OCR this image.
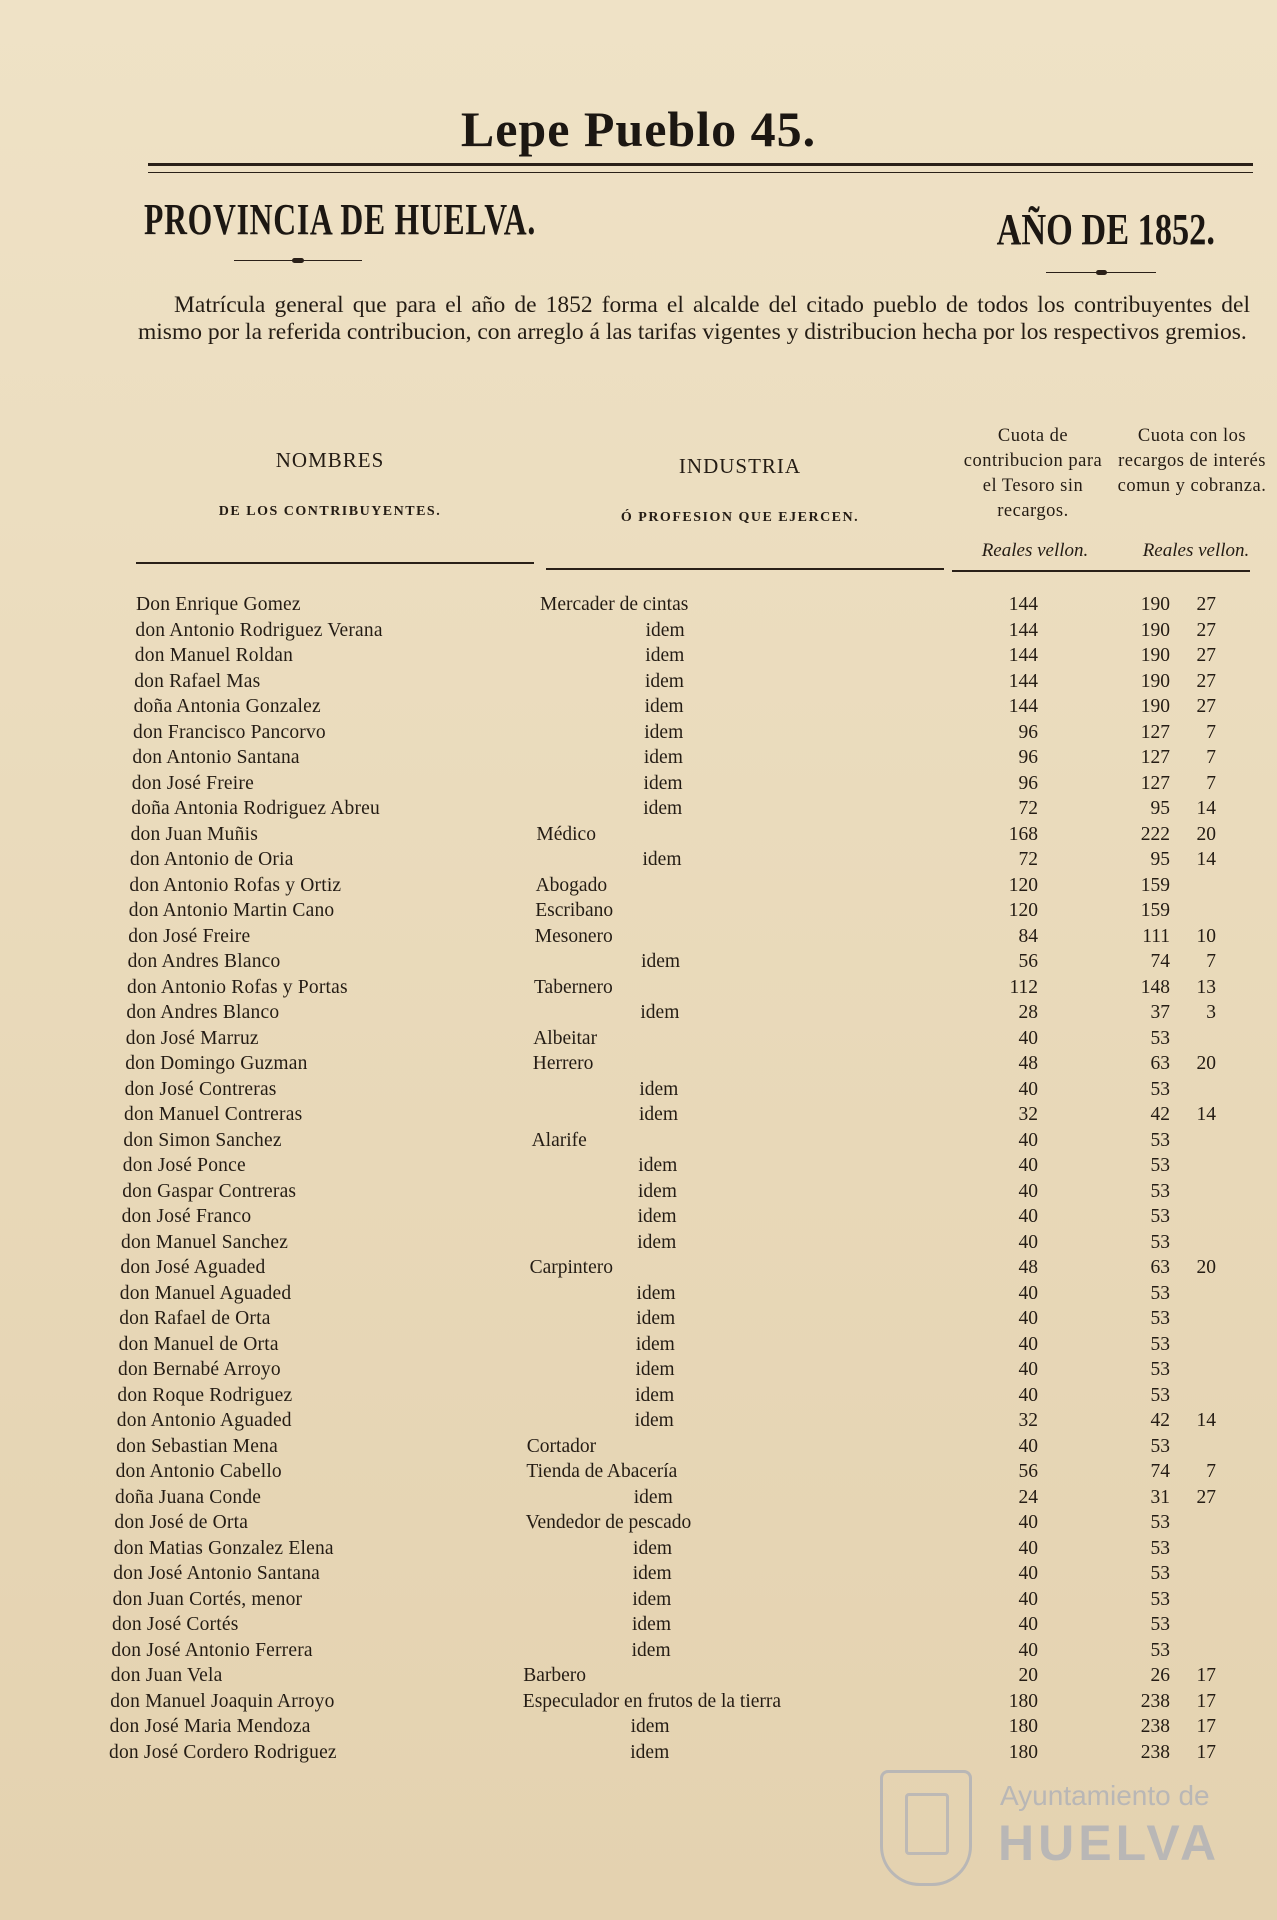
Lepe Pueblo 45.
PROVINCIA DE HUELVA.	AÑO DE 1852.
Matrícula general que para el año de 1852 forma el alcalde del citado pueblo de todos los contribuyentes del mismo por la referida contribucion, con arreglo á las tarifas vigentes y distribucion hecha por los respectivos gremios.
NOMBRES
DE LOS CONTRIBUYENTES.
INDUSTRIA
Ó PROFESION QUE EJERCEN.
Cuota de contribucion para el Tesoro sin recargos.
Cuota con los recargos de interés comun y cobranza.
Reales vellon.	Reales vellon.
Don Enrique Gomez	Mercader de cintas	144	190	27
don Antonio Rodriguez Verana	idem	144	190	27
don Manuel Roldan	idem	144	190	27
don Rafael Mas	idem	144	190	27
doña Antonia Gonzalez	idem	144	190	27
don Francisco Pancorvo	idem	96	127	7
don Antonio Santana	idem	96	127	7
don José Freire	idem	96	127	7
doña Antonia Rodriguez Abreu	idem	72	95	14
don Juan Muñis	Médico	168	222	20
don Antonio de Oria	idem	72	95	14
don Antonio Rofas y Ortiz	Abogado	120	159
don Antonio Martin Cano	Escribano	120	159
don José Freire	Mesonero	84	111	10
don Andres Blanco	idem	56	74	7
don Antonio Rofas y Portas	Tabernero	112	148	13
don Andres Blanco	idem	28	37	3
don José Marruz	Albeitar	40	53
don Domingo Guzman	Herrero	48	63	20
don José Contreras	idem	40	53
don Manuel Contreras	idem	32	42	14
don Simon Sanchez	Alarife	40	53
don José Ponce	idem	40	53
don Gaspar Contreras	idem	40	53
don José Franco	idem	40	53
don Manuel Sanchez	idem	40	53
don José Aguaded	Carpintero	48	63	20
don Manuel Aguaded	idem	40	53
don Rafael de Orta	idem	40	53
don Manuel de Orta	idem	40	53
don Bernabé Arroyo	idem	40	53
don Roque Rodriguez	idem	40	53
don Antonio Aguaded	idem	32	42	14
don Sebastian Mena	Cortador	40	53
don Antonio Cabello	Tienda de Abacería	56	74	7
doña Juana Conde	idem	24	31	27
don José de Orta	Vendedor de pescado	40	53
don Matias Gonzalez Elena	idem	40	53
don José Antonio Santana	idem	40	53
don Juan Cortés, menor	idem	40	53
don José Cortés	idem	40	53
don José Antonio Ferrera	idem	40	53
don Juan Vela	Barbero	20	26	17
don Manuel Joaquin Arroyo	Especulador en frutos de la tierra	180	238	17
don José Maria Mendoza	idem	180	238	17
don José Cordero Rodriguez	idem	180	238	17
Ayuntamiento de
HUELVA
